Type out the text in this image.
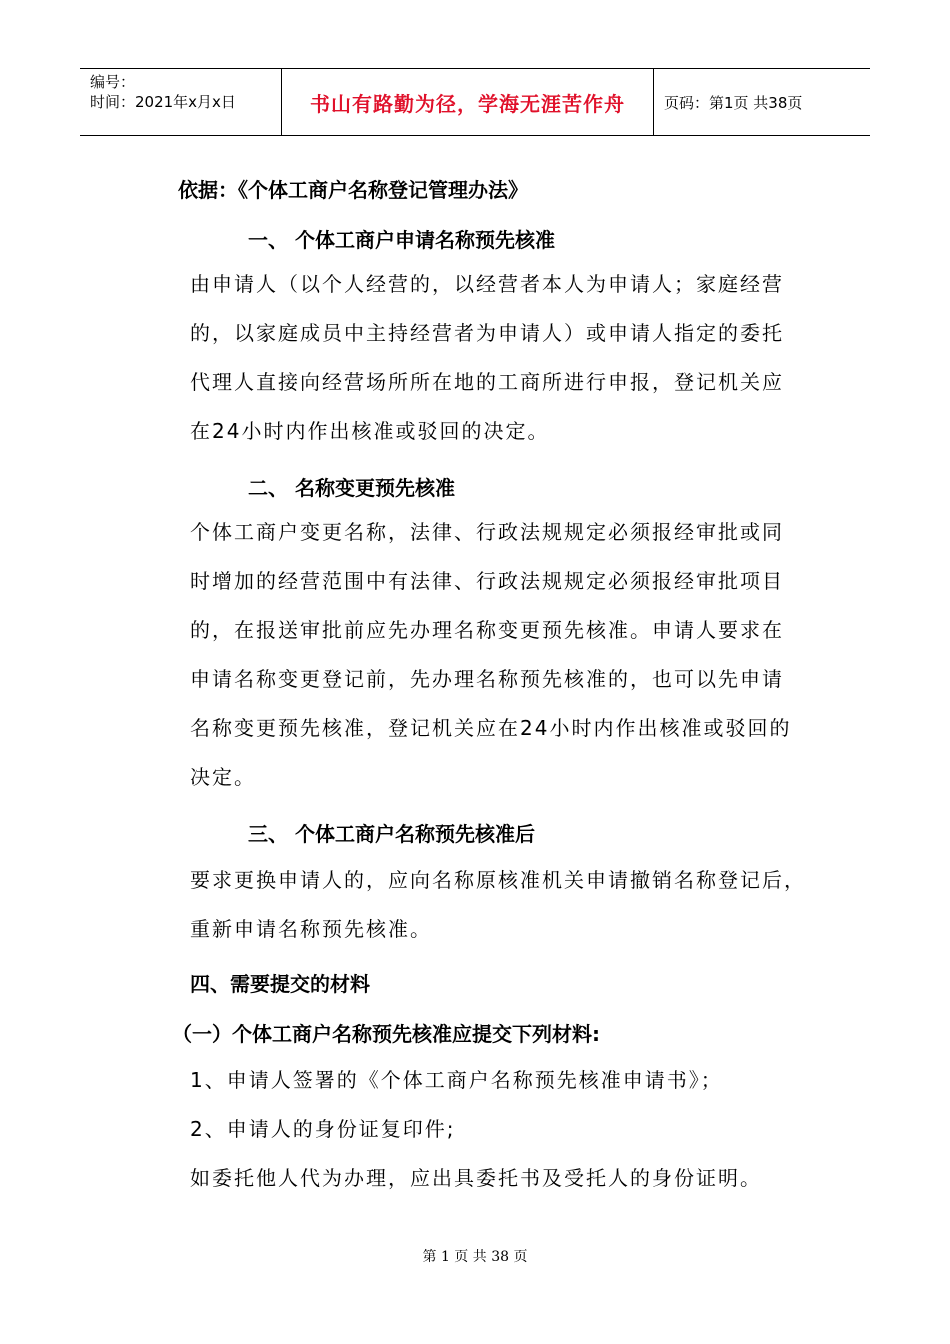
编号：
时间：2021年x月x日	书山有路勤为径，学海无涯苦作舟	页码：第1页 共38页
依据：《个体工商户名称登记管理办法》
一、 个体工商户申请名称预先核准
由申请人（以个人经营的，以经营者本人为申请人；家庭经营
的，以家庭成员中主持经营者为申请人）或申请人指定的委托
代理人直接向经营场所所在地的工商所进行申报，登记机关应
在24小时内作出核准或驳回的决定。
二、 名称变更预先核准
个体工商户变更名称，法律、行政法规规定必须报经审批或同
时增加的经营范围中有法律、行政法规规定必须报经审批项目
的，在报送审批前应先办理名称变更预先核准。申请人要求在
申请名称变更登记前，先办理名称预先核准的，也可以先申请
名称变更预先核准，登记机关应在24小时内作出核准或驳回的
决定。
三、 个体工商户名称预先核准后
要求更换申请人的，应向名称原核准机关申请撤销名称登记后，
重新申请名称预先核准。
四、需要提交的材料
（一）个体工商户名称预先核准应提交下列材料:
1、申请人签署的《个体工商户名称预先核准申请书》；
2、申请人的身份证复印件;
如委托他人代为办理，应出具委托书及受托人的身份证明。
第 1 页 共 38 页
